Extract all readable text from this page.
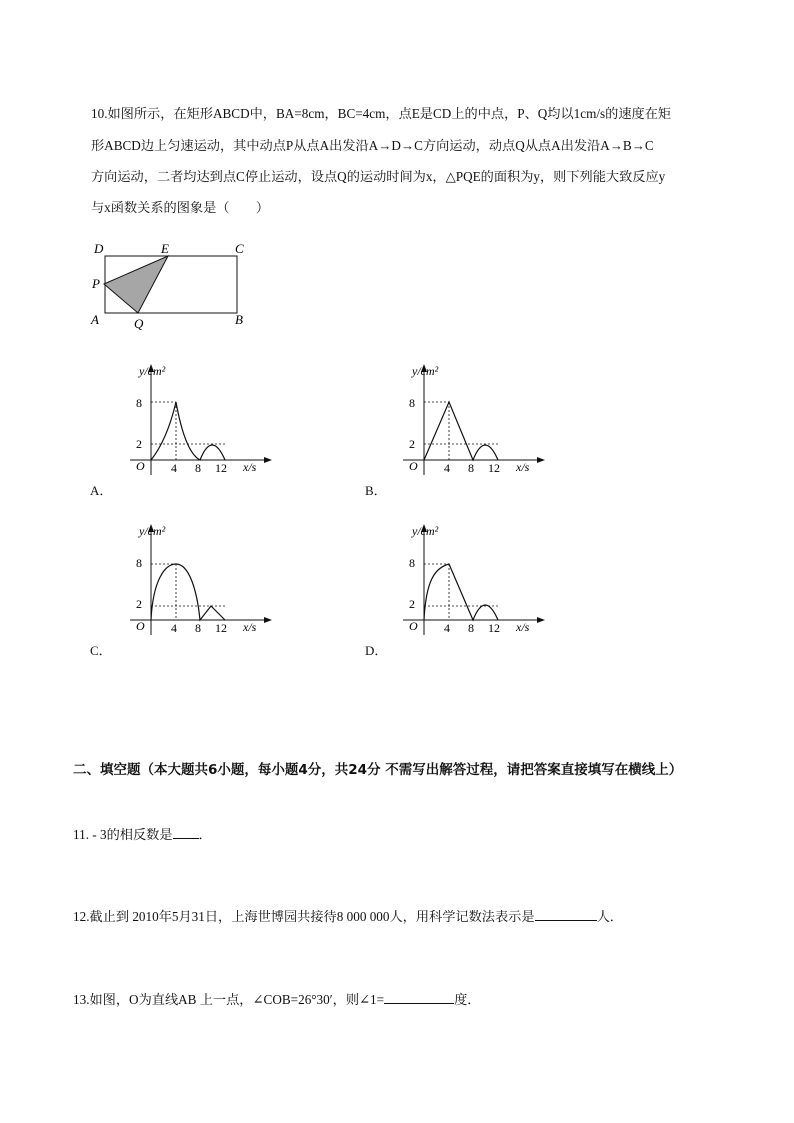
10.如图所示，在矩形ABCD中，BA=8cm，BC=4cm，点E是CD上的中点，P、Q均以1cm/s的速度在矩
形ABCD边上匀速运动，其中动点P从点A出发沿A→D→C方向运动，动点Q从点A出发沿A→B→C
方向运动，二者均达到点C停止运动，设点Q的运动时间为x，△PQE的面积为y，则下列能大致反应y
与x函数关系的图象是（　　）
D	E	C
P
A	Q	B
y/cm²
8
2
O 4 8 12 x/s
A．
y/cm²
8
2
O 4 8 12 x/s
B．
y/cm²
8
2
O 4 8 12 x/s
C．
y/cm²
8
2
O 4 8 12 x/s
D．
二、填空题（本大题共6小题，每小题4分，共24分 不需写出解答过程，请把答案直接填写在横线上）
11. - 3的相反数是 ．
12.截止到 2010年5月31日，上海世博园共接待8 000 000人，用科学记数法表示是	人．
13.如图，O为直线AB 上一点，∠COB=26°30′，则∠1=	度．
